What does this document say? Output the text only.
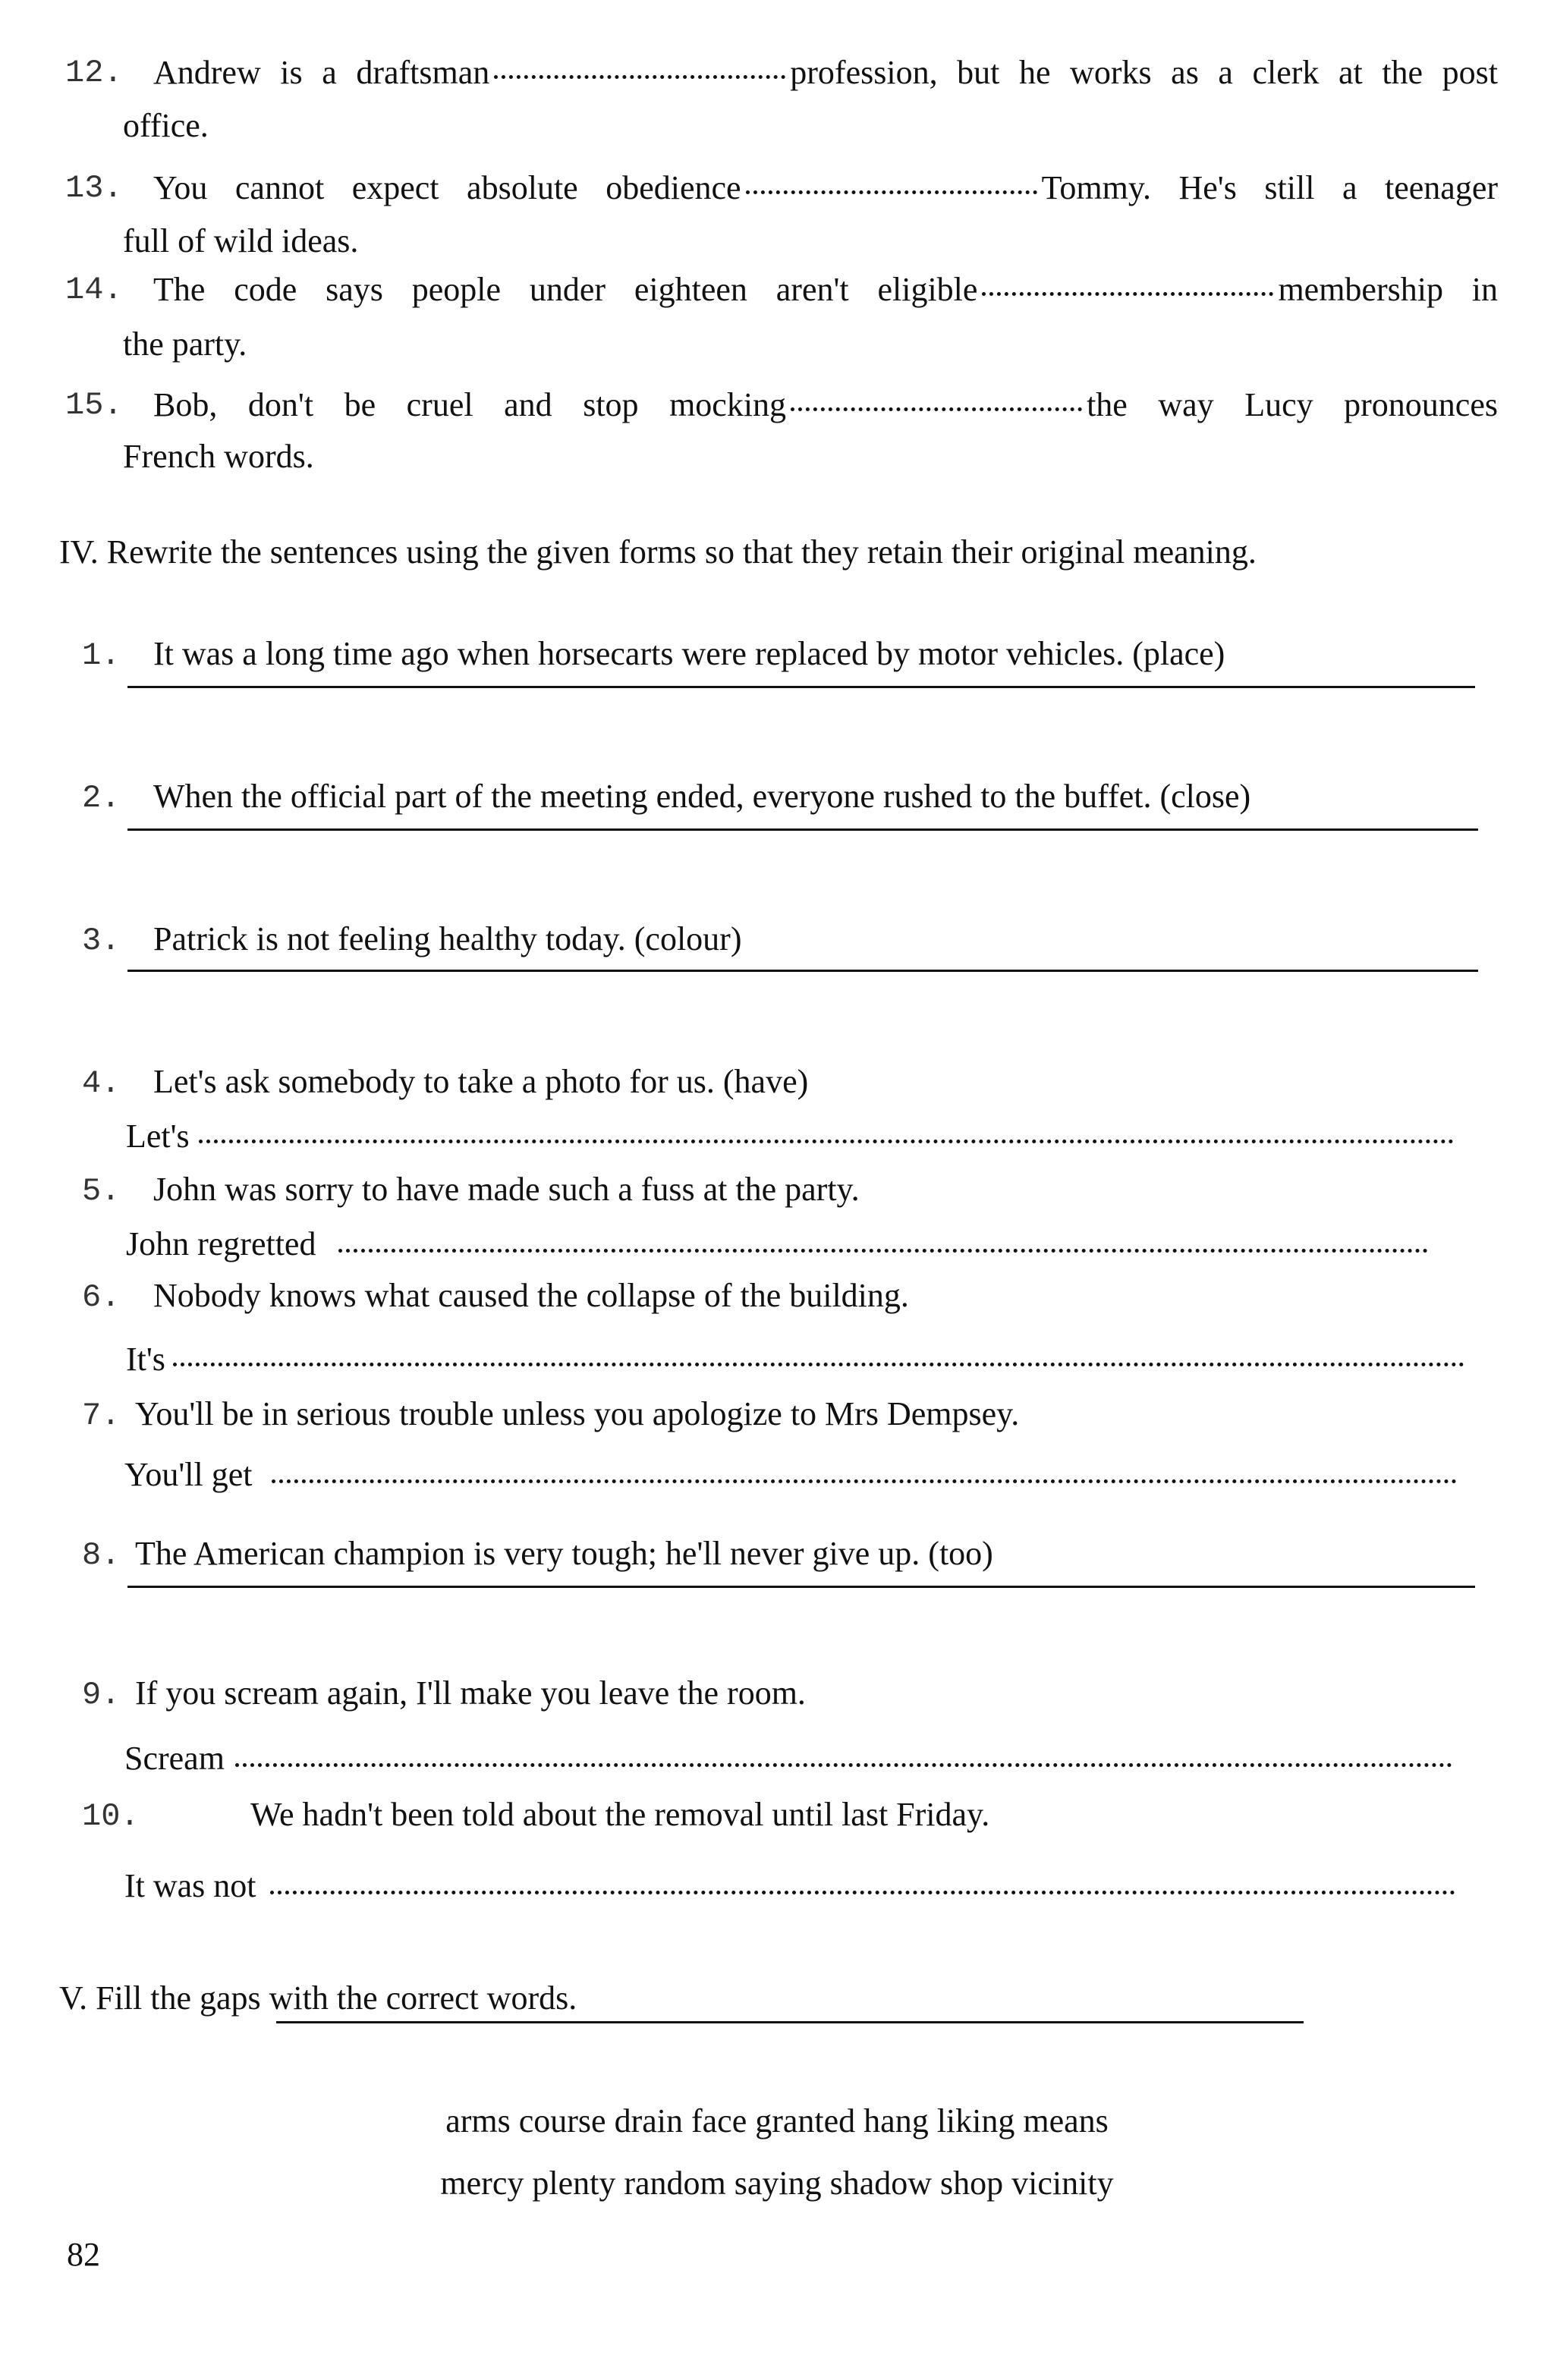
12. Andrew is a draftsman	profession, but he works as a clerk at the post
office.
13. You cannot expect absolute obedience	Tommy. He's still a teenager
full of wild ideas.
14. The code says people under eighteen aren't eligible	membership in
the party.
15. Bob, don't be cruel and stop mocking	the way Lucy pronounces
French words.
IV. Rewrite the sentences using the given forms so that they retain their original meaning.
1. It was a long time ago when horsecarts were replaced by motor vehicles. (place)
2. When the official part of the meeting ended, everyone rushed to the buffet. (close)
3. Patrick is not feeling healthy today. (colour)
4. Let's ask somebody to take a photo for us. (have)
Let's
5. John was sorry to have made such a fuss at the party.
John regretted
6. Nobody knows what caused the collapse of the building.
It's
7. You'll be in serious trouble unless you apologize to Mrs Dempsey.
You'll get
8. The American champion is very tough; he'll never give up. (too)
9. If you scream again, I'll make you leave the room.
Scream
10.	We hadn't been told about the removal until last Friday.
It was not
V. Fill the gaps with the correct words.
arms course drain face granted hang liking means
mercy plenty random saying shadow shop vicinity
82
